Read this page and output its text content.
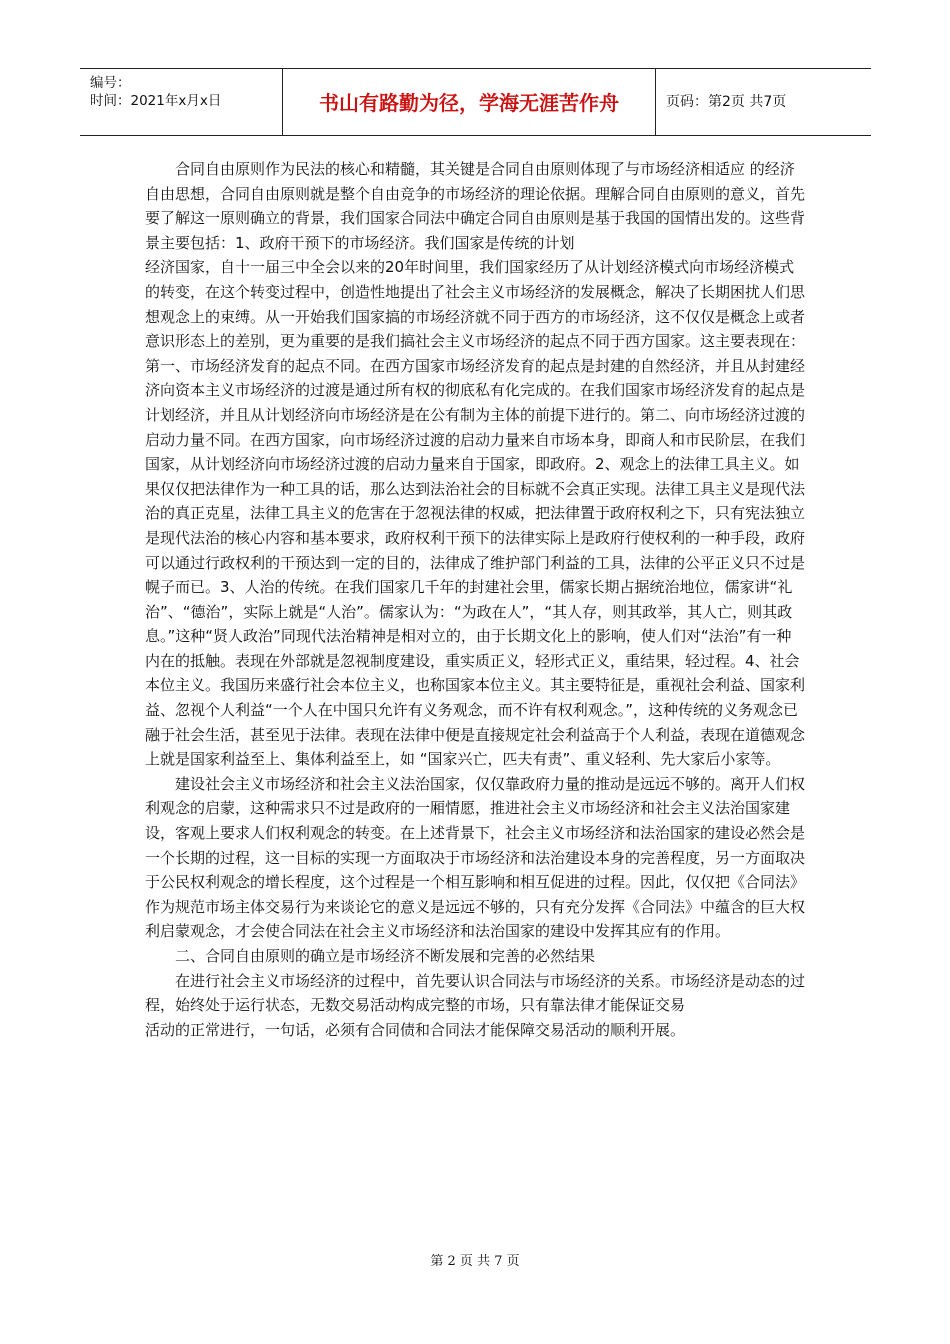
编号：
时间：2021年x月x日	书山有路勤为径，学海无涯苦作舟	页码：第2页 共7页

合同自由原则作为民法的核心和精髓，其关键是合同自由原则体现了与市场经济相适应 的经济自由思想，合同自由原则就是整个自由竞争的市场经济的理论依据。理解合同自由原则的意义，首先要了解这一原则确立的背景，我们国家合同法中确定合同自由原则是基于我国的国情出发的。这些背景主要包括：1、政府干预下的市场经济。我们国家是传统的计划

经济国家，自十一届三中全会以来的20年时间里，我们国家经历了从计划经济模式向市场经济模式的转变，在这个转变过程中，创造性地提出了社会主义市场经济的发展概念，解决了长期困扰人们思想观念上的束缚。从一开始我们国家搞的市场经济就不同于西方的市场经济，这不仅仅是概念上或者意识形态上的差别，更为重要的是我们搞社会主义市场经济的起点不同于西方国家。这主要表现在：第一、市场经济发育的起点不同。在西方国家市场经济发育的起点是封建的自然经济，并且从封建经济向资本主义市场经济的过渡是通过所有权的彻底私有化完成的。在我们国家市场经济发育的起点是计划经济，并且从计划经济向市场经济是在公有制为主体的前提下进行的。第二、向市场经济过渡的启动力量不同。在西方国家，向市场经济过渡的启动力量来自市场本身，即商人和市民阶层，在我们国家，从计划经济向市场经济过渡的启动力量来自于国家，即政府。2、观念上的法律工具主义。如果仅仅把法律作为一种工具的话，那么达到法治社会的目标就不会真正实现。法律工具主义是现代法治的真正克星，法律工具主义的危害在于忽视法律的权威，把法律置于政府权利之下，只有宪法独立是现代法治的核心内容和基本要求，政府权利干预下的法律实际上是政府行使权利的一种手段，政府可以通过行政权利的干预达到一定的目的，法律成了维护部门利益的工具，法律的公平正义只不过是幌子而已。3、人治的传统。在我们国家几千年的封建社会里，儒家长期占据统治地位，儒家讲“礼治”、“德治”，实际上就是“人治”。儒家认为：“为政在人”，“其人存，则其政举，其人亡，则其政息。”这种“贤人政治”同现代法治精神是相对立的，由于长期文化上的影响，使人们对“法治”有一种内在的抵触。表现在外部就是忽视制度建设，重实质正义，轻形式正义，重结果，轻过程。4、社会本位主义。我国历来盛行社会本位主义，也称国家本位主义。其主要特征是，重视社会利益、国家利益、忽视个人利益“一个人在中国只允许有义务观念，而不许有权利观念。”，这种传统的义务观念已融于社会生活，甚至见于法律。表现在法律中便是直接规定社会利益高于个人利益，表现在道德观念上就是国家利益至上、集体利益至上，如 “国家兴亡，匹夫有责”、重义轻利、先大家后小家等。

建设社会主义市场经济和社会主义法治国家，仅仅靠政府力量的推动是远远不够的。离开人们权利观念的启蒙，这种需求只不过是政府的一厢情愿，推进社会主义市场经济和社会主义法治国家建设，客观上要求人们权利观念的转变。在上述背景下，社会主义市场经济和法治国家的建设必然会是一个长期的过程，这一目标的实现一方面取决于市场经济和法治建设本身的完善程度，另一方面取决于公民权利观念的增长程度，这个过程是一个相互影响和相互促进的过程。因此，仅仅把《合同法》作为规范市场主体交易行为来谈论它的意义是远远不够的，只有充分发挥《合同法》中蕴含的巨大权利启蒙观念，才会使合同法在社会主义市场经济和法治国家的建设中发挥其应有的作用。

二、合同自由原则的确立是市场经济不断发展和完善的必然结果

在进行社会主义市场经济的过程中，首先要认识合同法与市场经济的关系。市场经济是动态的过程，始终处于运行状态，无数交易活动构成完整的市场，只有靠法律才能保证交易

活动的正常进行，一句话，必须有合同债和合同法才能保障交易活动的顺利开展。

第 2 页 共 7 页
